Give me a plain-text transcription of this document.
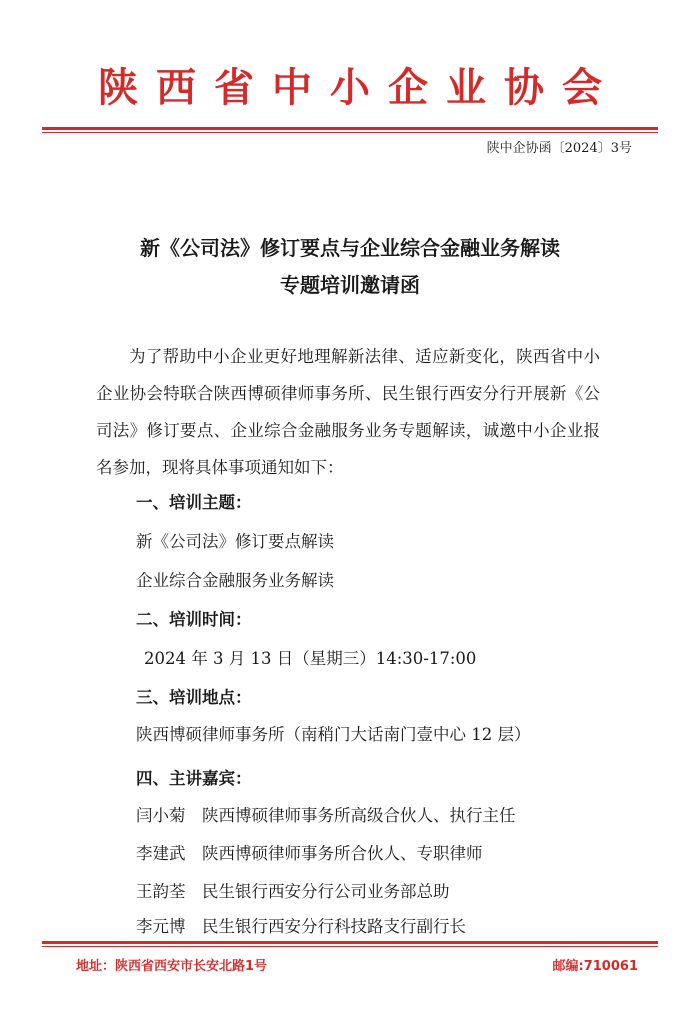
陕西省中小企业协会
陕中企协函〔2024〕3号
新《公司法》修订要点与企业综合金融业务解读
专题培训邀请函
为了帮助中小企业更好地理解新法律、适应新变化，陕西省中小企业协会特联合陕西博硕律师事务所、民生银行西安分行开展新《公司法》修订要点、企业综合金融服务业务专题解读，诚邀中小企业报名参加，现将具体事项通知如下：
一、培训主题：
新《公司法》修订要点解读
企业综合金融服务业务解读
二、培训时间：
2024 年 3 月 13 日（星期三）14:30-17:00
三、培训地点：
陕西博硕律师事务所（南稍门大话南门壹中心 12 层）
四、主讲嘉宾：
闫小菊 陕西博硕律师事务所高级合伙人、执行主任
李建武 陕西博硕律师事务所合伙人、专职律师
王韵荃 民生银行西安分行公司业务部总助
李元博 民生银行西安分行科技路支行副行长
地址：陕西省西安市长安北路1号	邮编:710061
